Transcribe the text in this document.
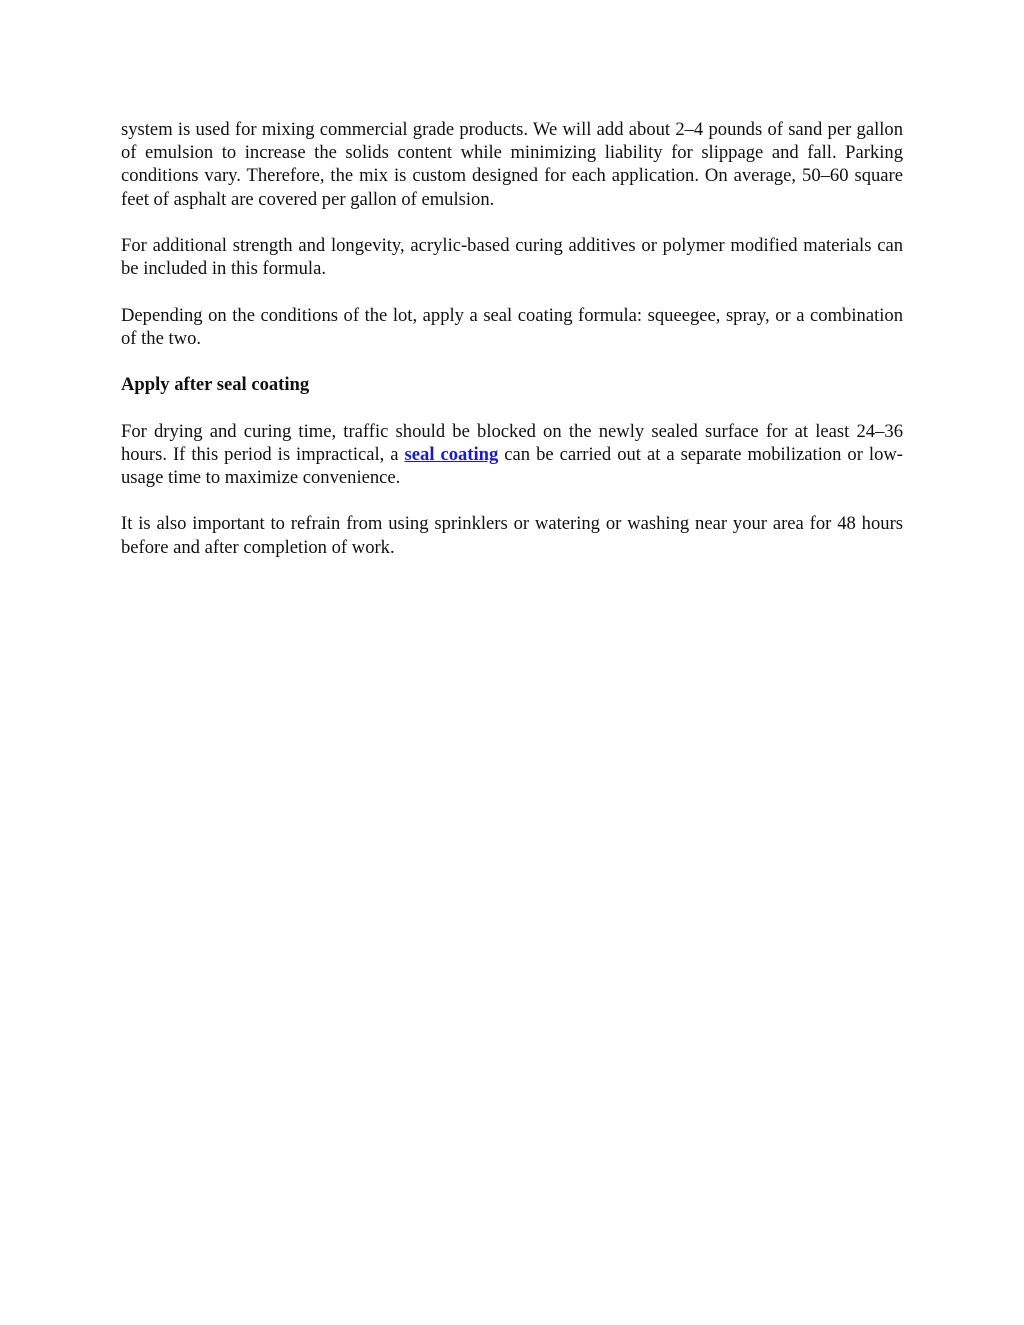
system is used for mixing commercial grade products. We will add about 2–4 pounds of sand per gallon of emulsion to increase the solids content while minimizing liability for slippage and fall. Parking conditions vary. Therefore, the mix is custom designed for each application. On average, 50–60 square feet of asphalt are covered per gallon of emulsion.

For additional strength and longevity, acrylic-based curing additives or polymer modified materials can be included in this formula.

Depending on the conditions of the lot, apply a seal coating formula: squeegee, spray, or a combination of the two.

Apply after seal coating

For drying and curing time, traffic should be blocked on the newly sealed surface for at least 24–36 hours. If this period is impractical, a seal coating can be carried out at a separate mobilization or low-usage time to maximize convenience.

It is also important to refrain from using sprinklers or watering or washing near your area for 48 hours before and after completion of work.
